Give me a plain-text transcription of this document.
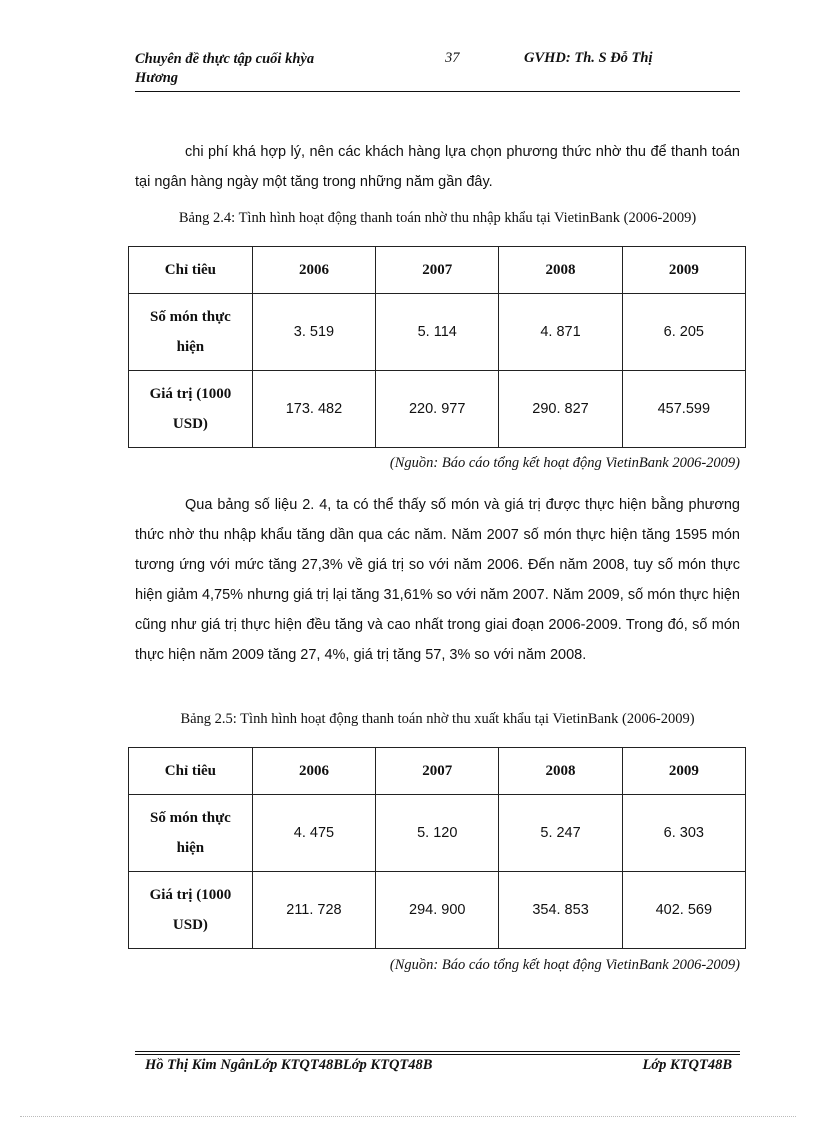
Chuyên đề thực tập cuối khỳa
Hương
37	GVHD: Th. S Đỗ Thị
chi phí khá hợp lý, nên các khách hàng lựa chọn phương thức nhờ thu để thanh toán tại ngân hàng ngày một tăng trong những năm gần đây.
Bảng 2.4: Tình hình hoạt động thanh toán nhờ thu nhập khẩu tại VietinBank (2006-2009)
Chỉ tiêu	2006	2007	2008	2009

Số món thực
hiện	3. 519	5. 114	4. 871	6. 205

Giá trị (1000
USD)	173. 482	220. 977	290. 827	457.599
(Nguồn: Báo cáo tổng kết hoạt động VietinBank 2006-2009)
Qua bảng số liệu 2. 4, ta có thể thấy số món và giá trị được thực hiện bằng phương thức nhờ thu nhập khẩu tăng dần qua các năm. Năm 2007 số món thực hiện tăng 1595 món tương ứng với mức tăng 27,3% về giá trị so với năm 2006. Đến năm 2008, tuy số món thực hiện giảm 4,75% nhưng giá trị lại tăng 31,61% so với năm 2007. Năm 2009, số món thực hiện cũng như giá trị thực hiện đều tăng và cao nhất trong giai đoạn 2006-2009. Trong đó, số món thực hiện năm 2009 tăng 27, 4%, giá trị tăng 57, 3% so với năm 2008.
Bảng 2.5: Tình hình hoạt động thanh toán nhờ thu xuất khẩu tại VietinBank (2006-2009)
Chỉ tiêu	2006	2007	2008	2009

Số món thực
hiện	4. 475	5. 120	5. 247	6. 303

Giá trị (1000
USD)	211. 728	294. 900	354. 853	402. 569
(Nguồn: Báo cáo tổng kết hoạt động VietinBank 2006-2009)
Hồ Thị Kim NgânLớp KTQT48BLớp KTQT48B	Lớp KTQT48B
